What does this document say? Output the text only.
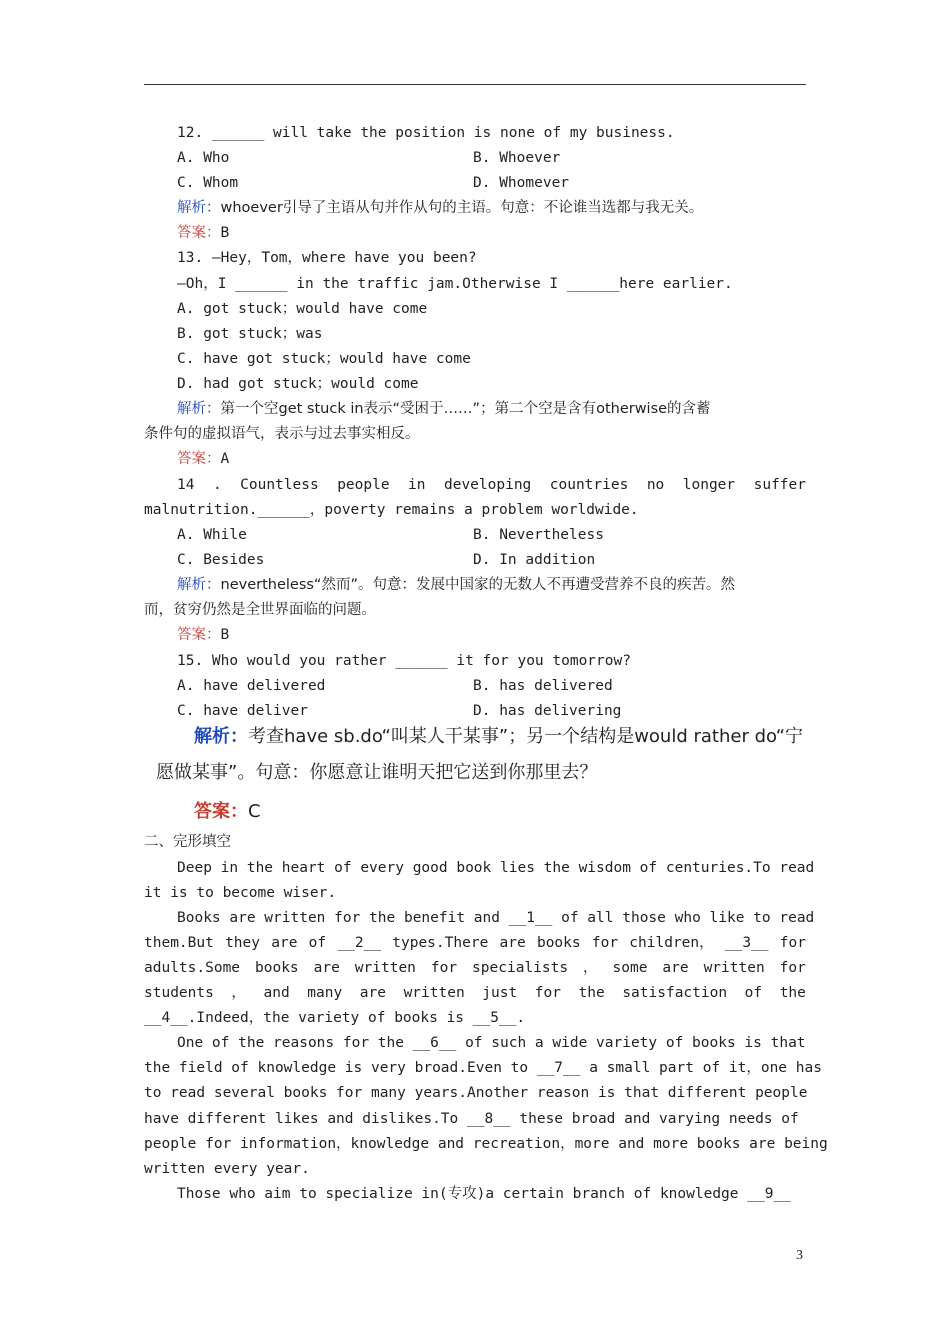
12. ______ will take the position is none of my business.
A. Who	B. Whoever
C. Whom	D. Whomever
解析：whoever引导了主语从句并作从句的主语。句意：不论谁当选都与我无关。
答案：B
13. —Hey，Tom，where have you been?
—Oh，I ______ in the traffic jam.Otherwise I ______here earlier.
A. got stuck；would have come
B. got stuck；was
C. have got stuck；would have come
D. had got stuck；would come
解析：第一个空get stuck in表示“受困于……”；第二个空是含有otherwise的含蓄
条件句的虚拟语气，表示与过去事实相反。
答案：A
14 . Countless people in developing countries no longer suffer
malnutrition.______，poverty remains a problem worldwide.
A. While	B. Nevertheless
C. Besides	D. In addition
解析：nevertheless“然而”。句意：发展中国家的无数人不再遭受营养不良的疾苦。然
而，贫穷仍然是全世界面临的问题。
答案：B
15. Who would you rather ______ it for you tomorrow?
A. have delivered	B. has delivered
C. have deliver	D. has delivering
解析：考查have sb.do“叫某人干某事”；另一个结构是would rather do“宁
愿做某事”。句意：你愿意让谁明天把它送到你那里去？
答案：C
二、完形填空
Deep in the heart of every good book lies the wisdom of centuries.To read
it is to become wiser.
Books are written for the benefit and __1__ of all those who like to read
them.But they are of __2__ types.There are books for children， __3__ for
adults.Some books are written for specialists ， some are written for
students ， and many are written just for the satisfaction of the
__4__.Indeed，the variety of books is __5__.
One of the reasons for the __6__ of such a wide variety of books is that
the field of knowledge is very broad.Even to __7__ a small part of it，one has
to read several books for many years.Another reason is that different people
have different likes and dislikes.To __8__ these broad and varying needs of
people for information，knowledge and recreation，more and more books are being
written every year.
Those who aim to specialize in(专攻)a certain branch of knowledge __9__
3
